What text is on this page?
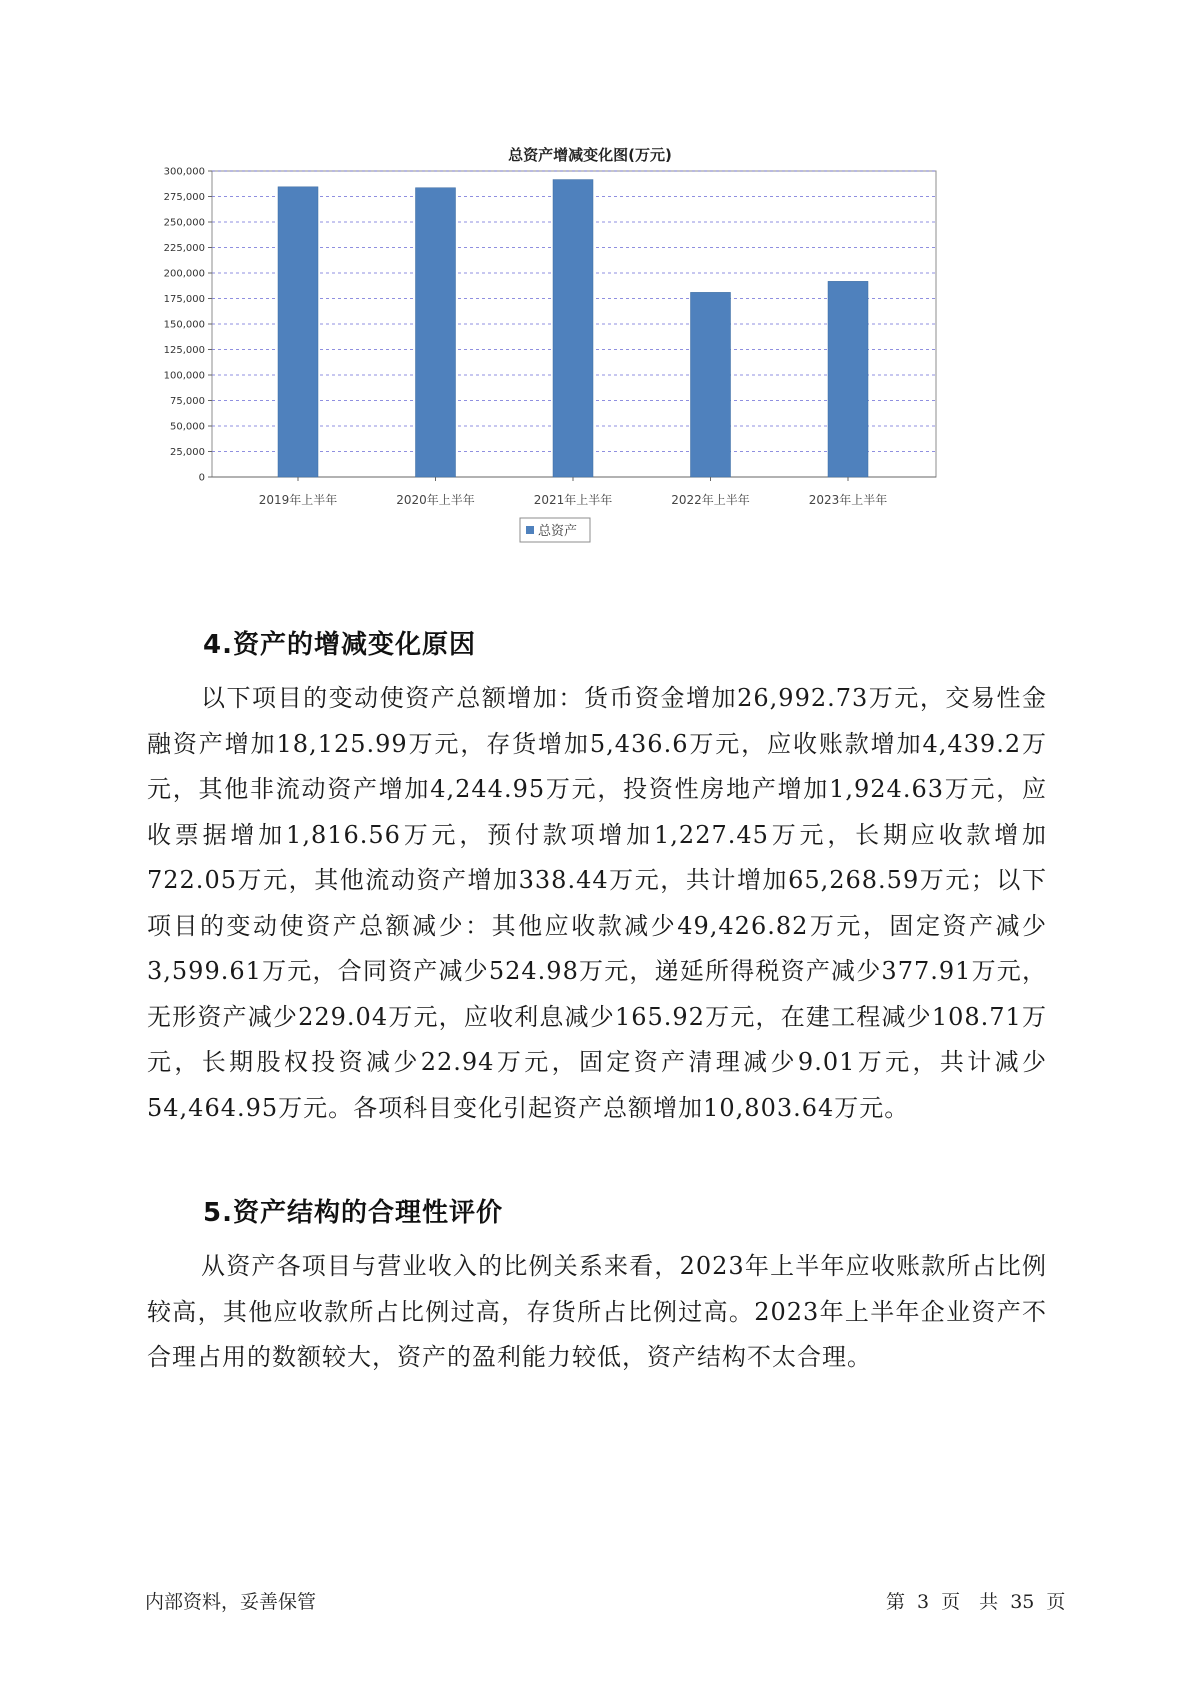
总资产增减变化图(万元)
0
25,000
50,000
75,000
100,000
125,000
150,000
175,000
200,000
225,000
250,000
275,000
300,000
2019年上半年	2020年上半年	2021年上半年	2022年上半年	2023年上半年
总资产
4.资产的增减变化原因

以下项目的变动使资产总额增加：货币资金增加26,992.73万元，交易性金融资产增加18,125.99万元，存货增加5,436.6万元，应收账款增加4,439.2万元，其他非流动资产增加4,244.95万元，投资性房地产增加1,924.63万元，应收票据增加1,816.56万元，预付款项增加1,227.45万元，长期应收款增加722.05万元，其他流动资产增加338.44万元，共计增加65,268.59万元；以下项目的变动使资产总额减少：其他应收款减少49,426.82万元，固定资产减少3,599.61万元，合同资产减少524.98万元，递延所得税资产减少377.91万元，无形资产减少229.04万元，应收利息减少165.92万元，在建工程减少108.71万元，长期股权投资减少22.94万元，固定资产清理减少9.01万元，共计减少54,464.95万元。各项科目变化引起资产总额增加10,803.64万元。

5.资产结构的合理性评价

从资产各项目与营业收入的比例关系来看，2023年上半年应收账款所占比例较高，其他应收款所占比例过高，存货所占比例过高。2023年上半年企业资产不合理占用的数额较大，资产的盈利能力较低，资产结构不太合理。

内部资料，妥善保管	第 3 页　共 35 页
